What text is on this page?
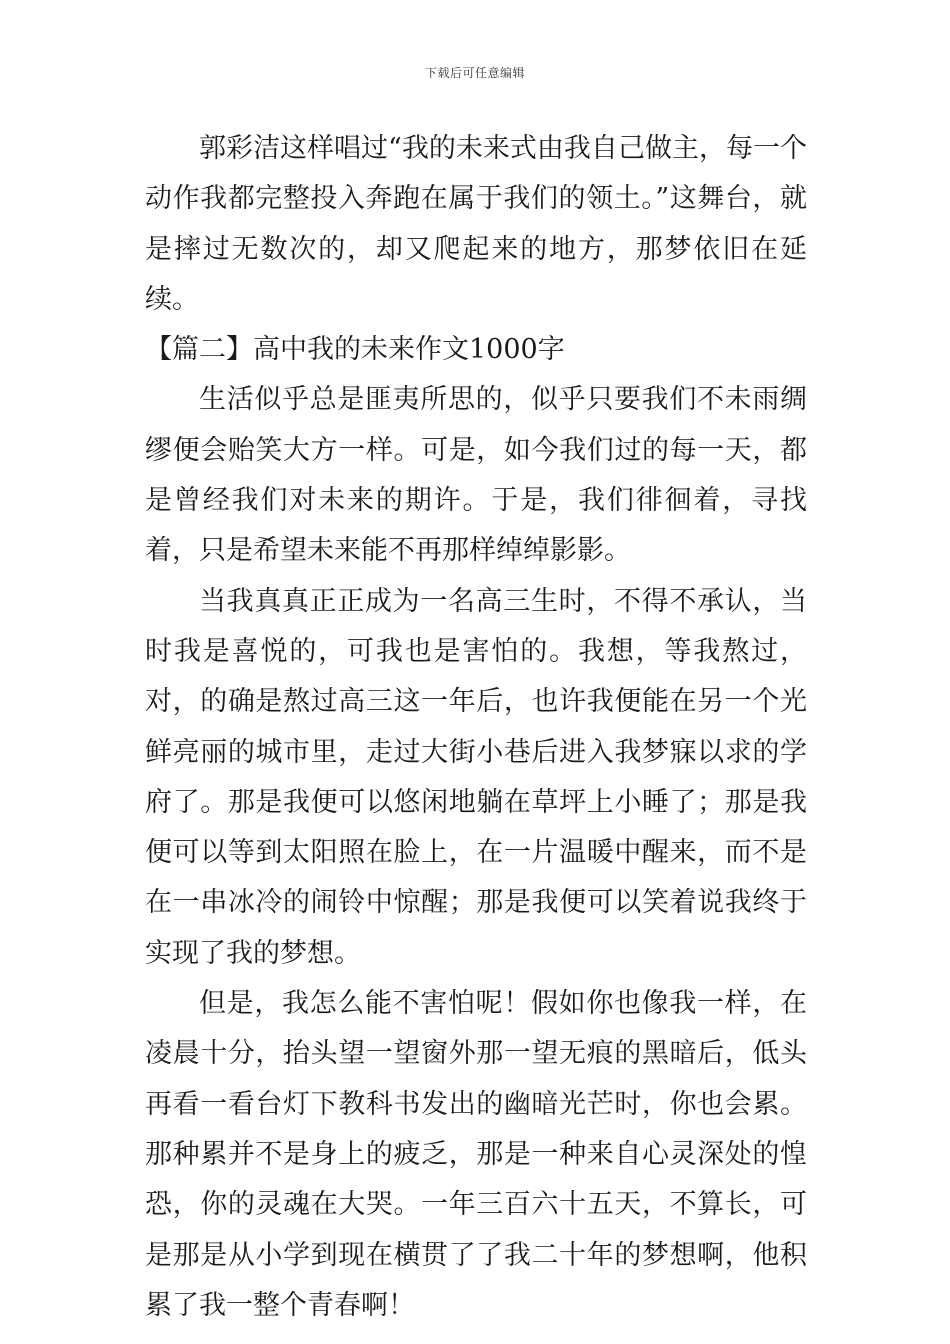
下载后可任意编辑

郭彩洁这样唱过“我的未来式由我自己做主，每一个动作我都完整投入奔跑在属于我们的领土。”这舞台，就是摔过无数次的，却又爬起来的地方，那梦依旧在延续。

【篇二】高中我的未来作文1000字

生活似乎总是匪夷所思的，似乎只要我们不未雨绸缪便会贻笑大方一样。可是，如今我们过的每一天，都是曾经我们对未来的期许。于是，我们徘徊着，寻找着，只是希望未来能不再那样绰绰影影。

当我真真正正成为一名高三生时，不得不承认，当时我是喜悦的，可我也是害怕的。我想，等我熬过，对，的确是熬过高三这一年后，也许我便能在另一个光鲜亮丽的城市里，走过大街小巷后进入我梦寐以求的学府了。那是我便可以悠闲地躺在草坪上小睡了；那是我便可以等到太阳照在脸上，在一片温暖中醒来，而不是在一串冰冷的闹铃中惊醒；那是我便可以笑着说我终于实现了我的梦想。

但是，我怎么能不害怕呢！假如你也像我一样，在凌晨十分，抬头望一望窗外那一望无痕的黑暗后，低头再看一看台灯下教科书发出的幽暗光芒时，你也会累。那种累并不是身上的疲乏，那是一种来自心灵深处的惶恐，你的灵魂在大哭。一年三百六十五天，不算长，可是那是从小学到现在横贯了了我二十年的梦想啊，他积累了我一整个青春啊！
